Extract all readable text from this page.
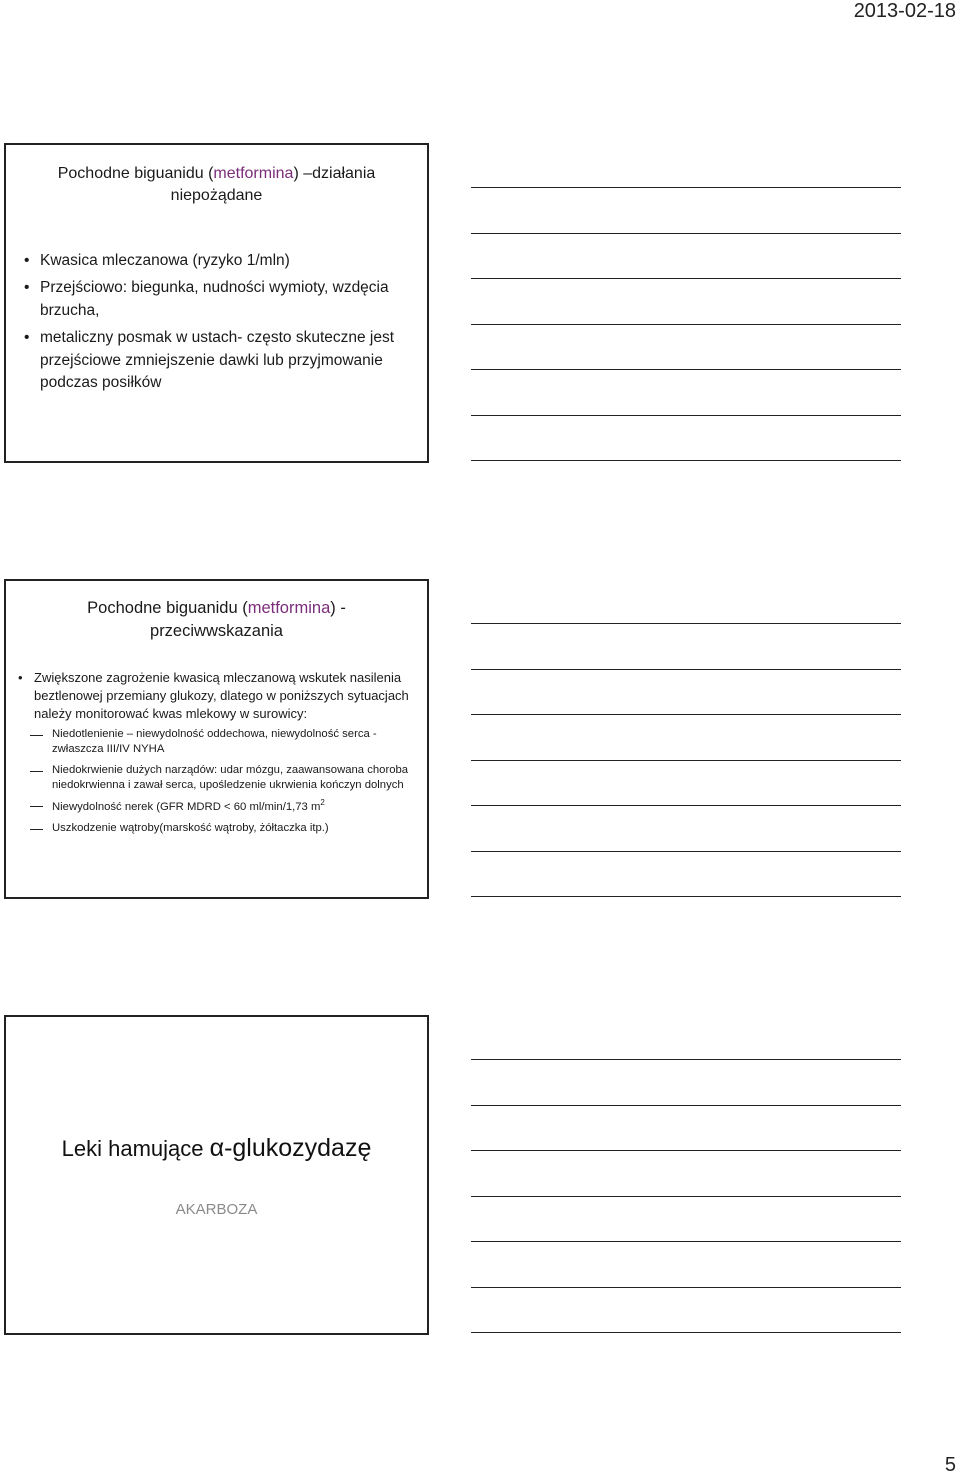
2013-02-18
Pochodne biguanidu (metformina) –działania niepożądane
• Kwasica mleczanowa (ryzyko 1/mln)
• Przejściowo: biegunka, nudności wymioty, wzdęcia brzucha,
• metaliczny posmak w ustach- często skuteczne jest przejściowe zmniejszenie dawki lub przyjmowanie podczas posiłków
Pochodne biguanidu (metformina) - przeciwwskazania
• Zwiększone zagrożenie kwasicą mleczanową wskutek nasilenia beztlenowej przemiany glukozy, dlatego w poniższych sytuacjach należy monitorować kwas mlekowy w surowicy:
Niedotlenienie – niewydolność oddechowa, niewydolność serca - zwłaszcza III/IV NYHA
Niedokrwienie dużych narządów: udar mózgu, zaawansowana choroba niedokrwienna i zawał serca, upośledzenie ukrwienia kończyn dolnych
Niewydolność nerek (GFR MDRD < 60 ml/min/1,73 $m^2$
Uszkodzenie wątroby(marskość wątroby, żółtaczka itp.)
Leki hamujące α-glukozydazę
AKARBOZA
5
